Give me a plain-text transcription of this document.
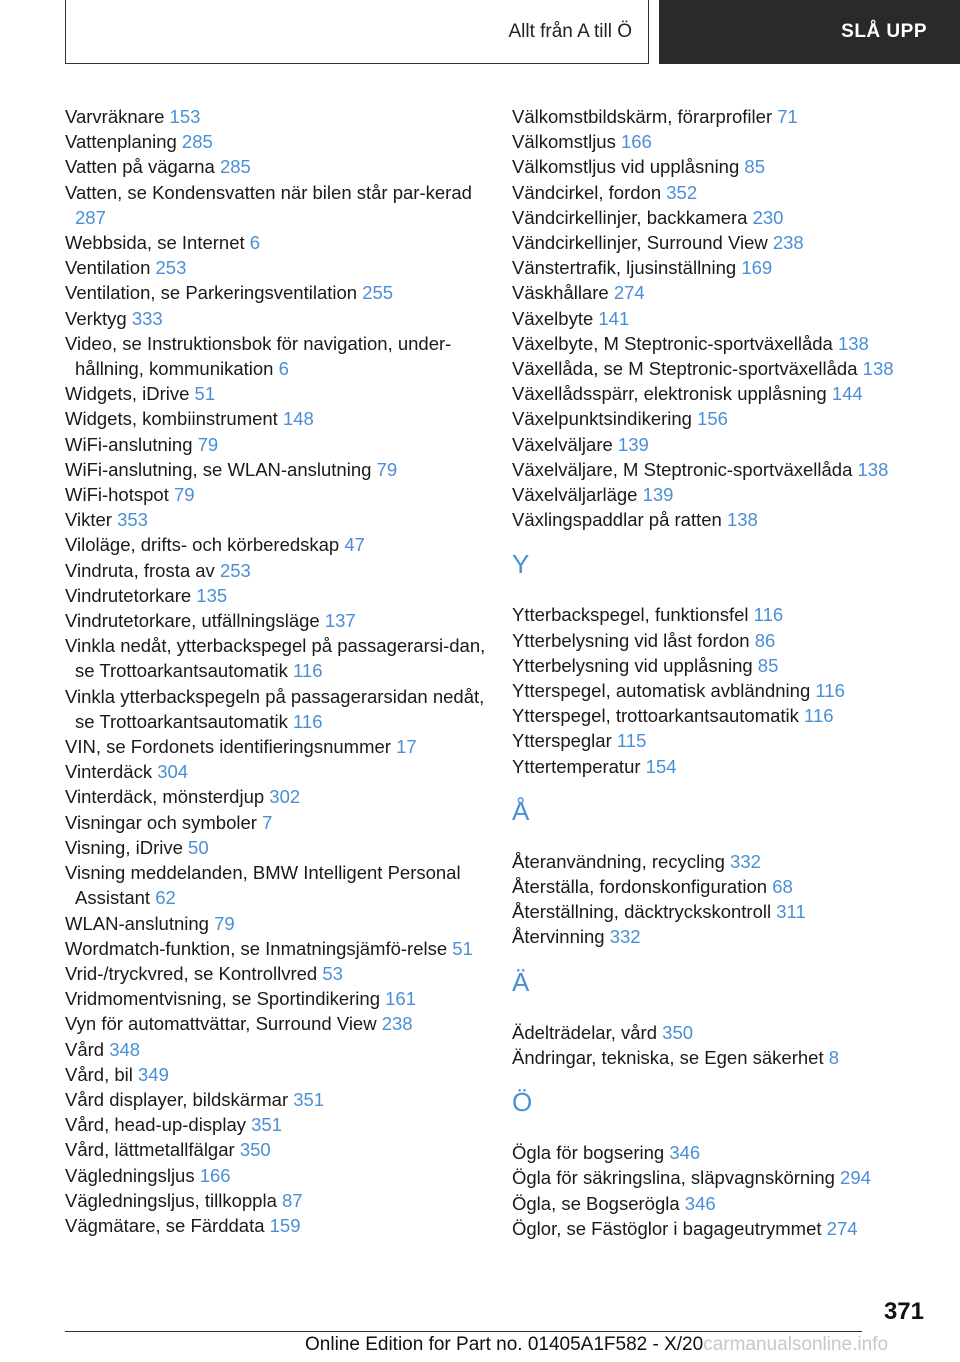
Allt från A till Ö	SLÅ UPP
Varvräknare 153
Vattenplaning 285
Vatten på vägarna 285
Vatten, se Kondensvatten när bilen står par‐kerad 287
Webbsida, se Internet 6
Ventilation 253
Ventilation, se Parkeringsventilation 255
Verktyg 333
Video, se Instruktionsbok för navigation, under‐hållning, kommunikation 6
Widgets, iDrive 51
Widgets, kombiinstrument 148
WiFi-anslutning 79
WiFi-anslutning, se WLAN-anslutning 79
WiFi-hotspot 79
Vikter 353
Viloläge, drifts- och körberedskap 47
Vindruta, frosta av 253
Vindrutetorkare 135
Vindrutetorkare, utfällningsläge 137
Vinkla nedåt, ytterbackspegel på passagerarsi‐dan, se Trottoarkantsautomatik 116
Vinkla ytterbackspegeln på passagerarsidan nedåt, se Trottoarkantsautomatik 116
VIN, se Fordonets identifieringsnummer 17
Vinterdäck 304
Vinterdäck, mönsterdjup 302
Visningar och symboler 7
Visning, iDrive 50
Visning meddelanden, BMW Intelligent Personal Assistant 62
WLAN-anslutning 79
Wordmatch-funktion, se Inmatningsjämfö‐relse 51
Vrid-/tryckvred, se Kontrollvred 53
Vridmomentvisning, se Sportindikering 161
Vyn för automattvättar, Surround View 238
Vård 348
Vård, bil 349
Vård displayer, bildskärmar 351
Vård, head-up-display 351
Vård, lättmetallfälgar 350
Vägledningsljus 166
Vägledningsljus, tillkoppla 87
Vägmätare, se Färddata 159
Välkomstbildskärm, förarprofiler 71
Välkomstljus 166
Välkomstljus vid upplåsning 85
Vändcirkel, fordon 352
Vändcirkellinjer, backkamera 230
Vändcirkellinjer, Surround View 238
Vänstertrafik, ljusinställning 169
Väskhållare 274
Växelbyte 141
Växelbyte, M Steptronic-sportväxellåda 138
Växellåda, se M Steptronic-sportväxellåda 138
Växellådsspärr, elektronisk upplåsning 144
Växelpunktsindikering 156
Växelväljare 139
Växelväljare, M Steptronic-sportväxellåda 138
Växelväljarläge 139
Växlingspaddlar på ratten 138
Y
Ytterbackspegel, funktionsfel 116
Ytterbelysning vid låst fordon 86
Ytterbelysning vid upplåsning 85
Ytterspegel, automatisk avbländning 116
Ytterspegel, trottoarkantsautomatik 116
Ytterspeglar 115
Yttertemperatur 154
Å
Återanvändning, recycling 332
Återställa, fordonskonfiguration 68
Återställning, däcktryckskontroll 311
Återvinning 332
Ä
Ädelträdelar, vård 350
Ändringar, tekniska, se Egen säkerhet 8
Ö
Ögla för bogsering 346
Ögla för säkringslina, släpvagnskörning 294
Ögla, se Bogserögla 346
Öglor, se Fästöglor i bagageutrymmet 274
371
Online Edition for Part no. 01405A1F582 - X/20carmanualsonline.info
